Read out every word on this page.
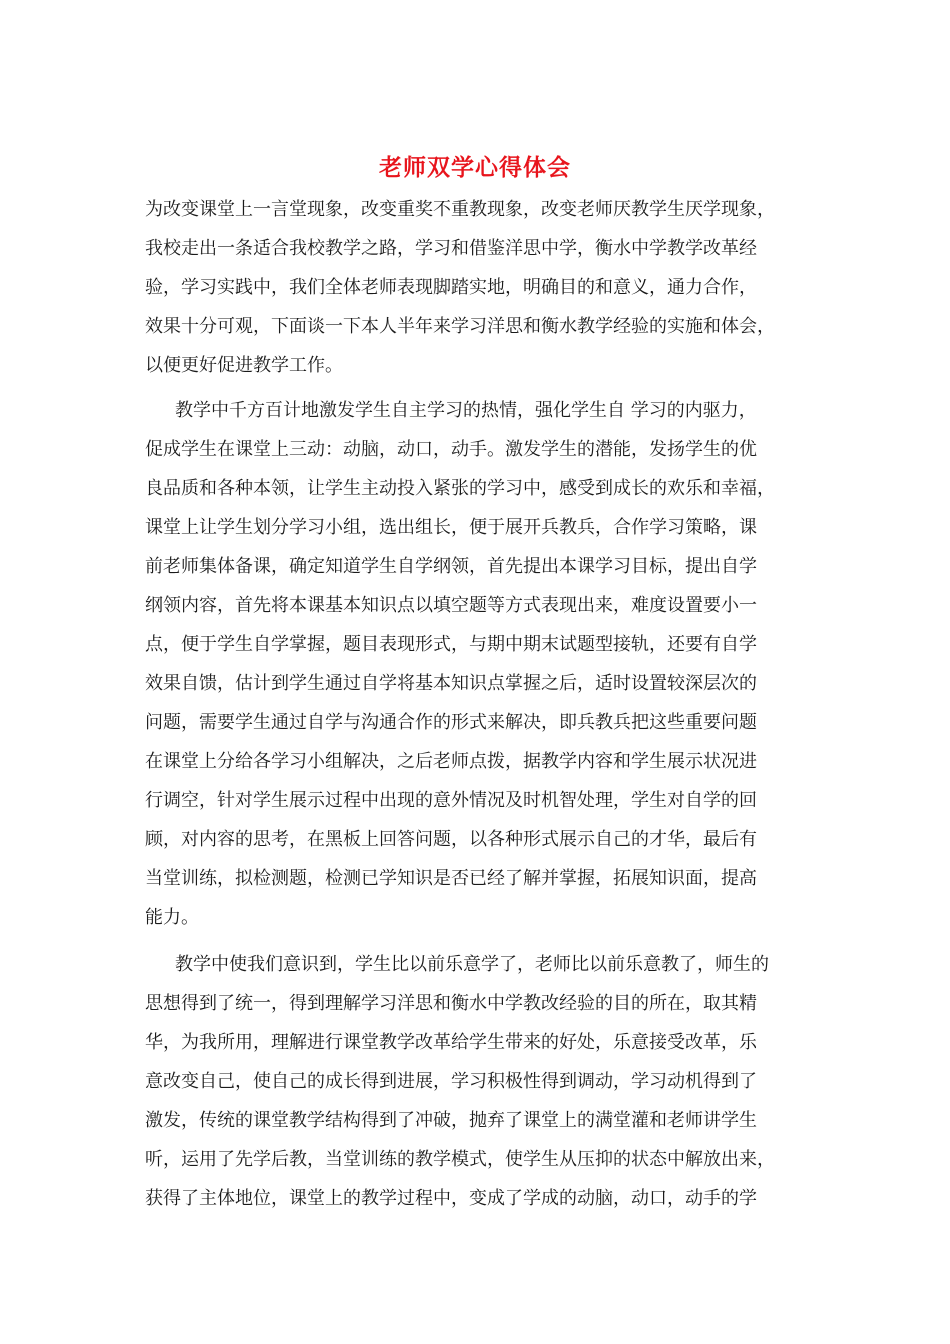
老师双学心得体会
为改变课堂上一言堂现象，改变重奖不重教现象，改变老师厌教学生厌学现象，
我校走出一条适合我校教学之路，学习和借鉴洋思中学，衡水中学教学改革经
验，学习实践中，我们全体老师表现脚踏实地，明确目的和意义，通力合作，
效果十分可观，下面谈一下本人半年来学习洋思和衡水教学经验的实施和体会，
以便更好促进教学工作。
教学中千方百计地激发学生自主学习的热情，强化学生自 学习的内驱力，
促成学生在课堂上三动：动脑，动口，动手。激发学生的潜能，发扬学生的优
良品质和各种本领，让学生主动投入紧张的学习中，感受到成长的欢乐和幸福，
课堂上让学生划分学习小组，选出组长，便于展开兵教兵，合作学习策略，课
前老师集体备课，确定知道学生自学纲领，首先提出本课学习目标，提出自学
纲领内容，首先将本课基本知识点以填空题等方式表现出来，难度设置要小一
点，便于学生自学掌握，题目表现形式，与期中期末试题型接轨，还要有自学
效果自馈，估计到学生通过自学将基本知识点掌握之后，适时设置较深层次的
问题，需要学生通过自学与沟通合作的形式来解决，即兵教兵把这些重要问题
在课堂上分给各学习小组解决，之后老师点拨，据教学内容和学生展示状况进
行调空，针对学生展示过程中出现的意外情况及时机智处理，学生对自学的回
顾，对内容的思考，在黑板上回答问题，以各种形式展示自己的才华，最后有
当堂训练，拟检测题，检测已学知识是否已经了解并掌握，拓展知识面，提高
能力。
教学中使我们意识到，学生比以前乐意学了，老师比以前乐意教了，师生的
思想得到了统一，得到理解学习洋思和衡水中学教改经验的目的所在，取其精
华，为我所用，理解进行课堂教学改革给学生带来的好处，乐意接受改革，乐
意改变自己，使自己的成长得到进展，学习积极性得到调动，学习动机得到了
激发，传统的课堂教学结构得到了冲破，抛弃了课堂上的满堂灌和老师讲学生
听，运用了先学后教，当堂训练的教学模式，使学生从压抑的状态中解放出来，
获得了主体地位，课堂上的教学过程中，变成了学成的动脑，动口，动手的学
